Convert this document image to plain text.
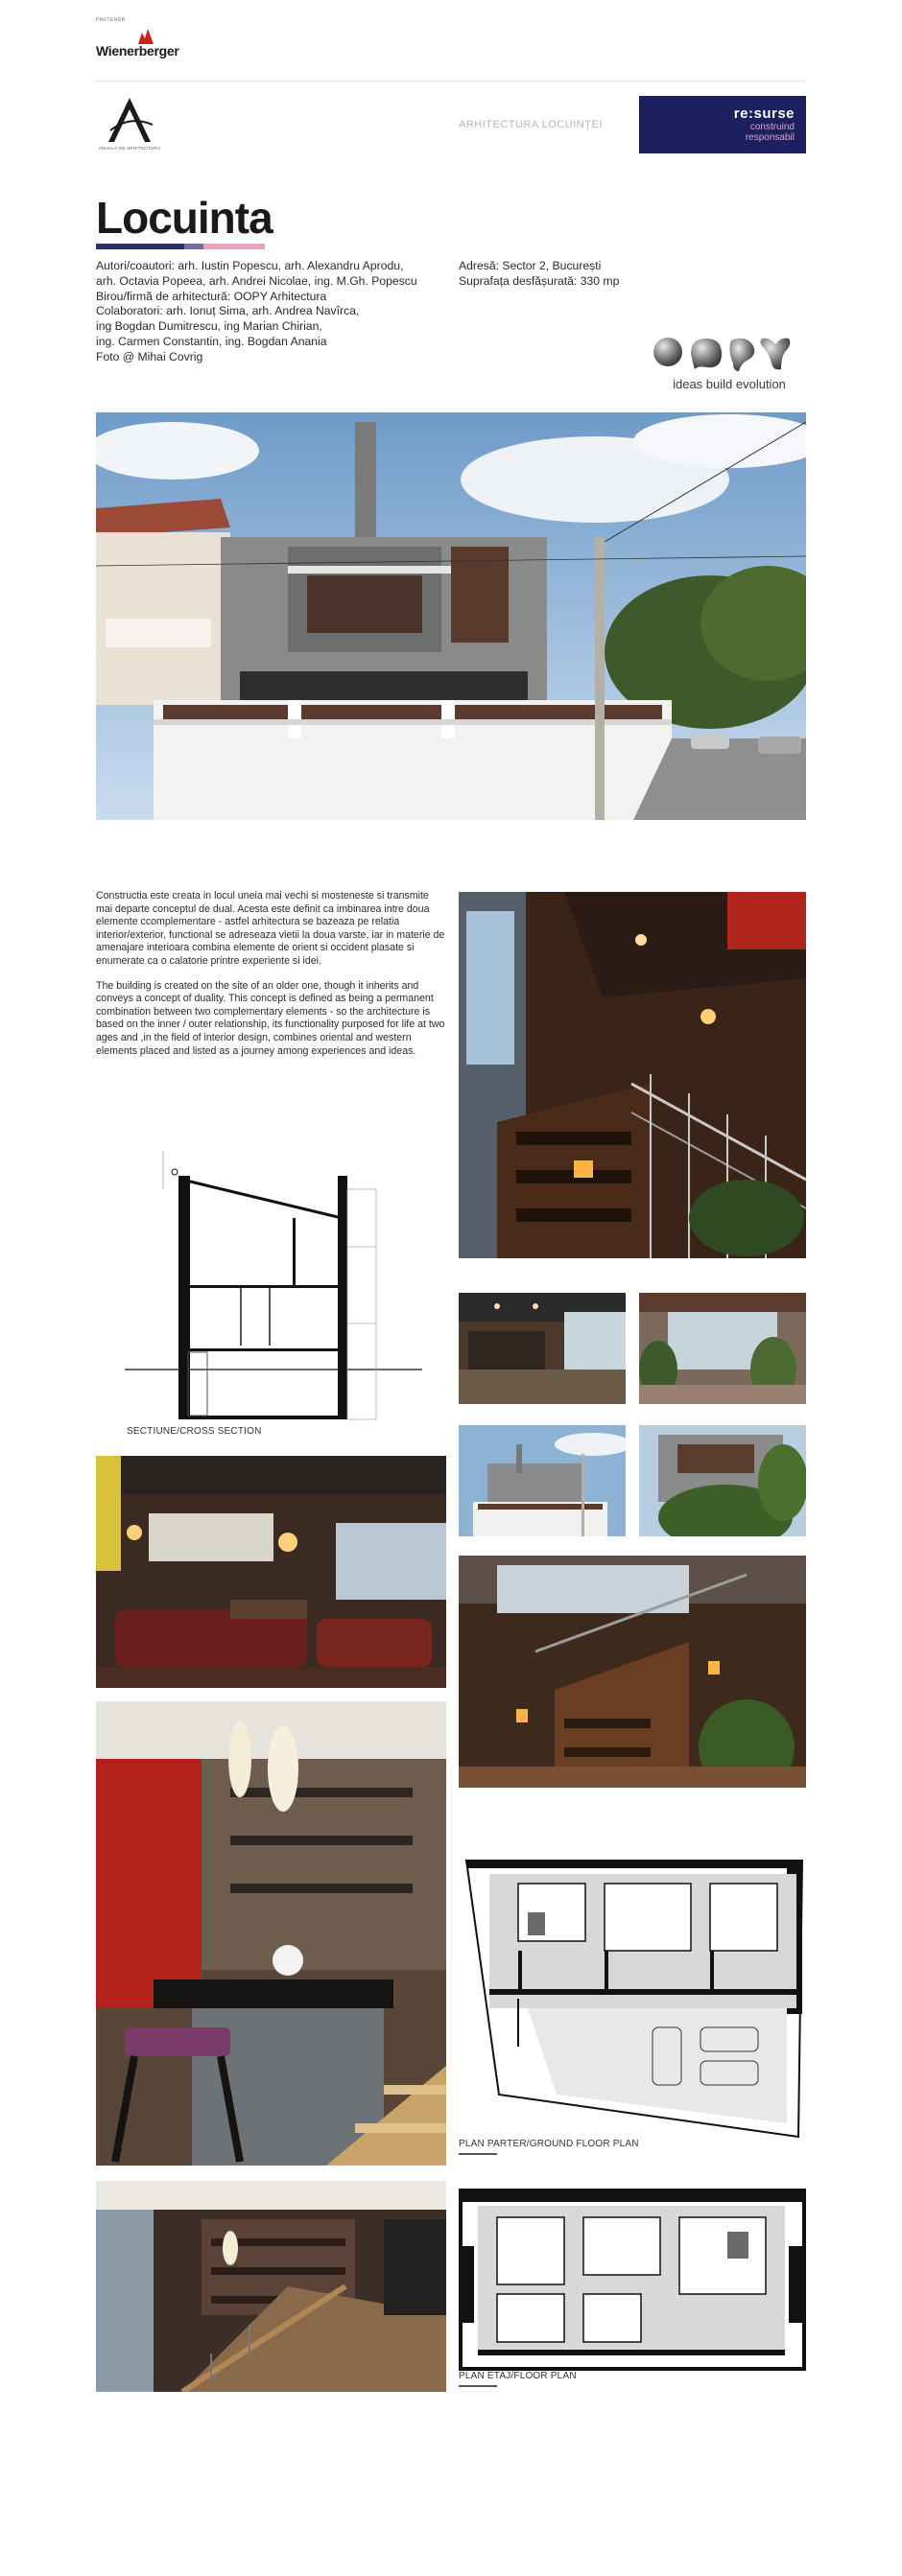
PARTENER
Wienerberger
ANUALA DE ARHITECTURA
ARHITECTURA LOCUINȚEI
re:surse
construind
responsabil
Locuinta
Autori/coautori: arh. Iustin Popescu, arh. Alexandru Aprodu,
arh. Octavia Popeea, arh. Andrei Nicolae, ing. M.Gh. Popescu
Birou/firmă de arhitectură: OOPY Arhitectura
Colaboratori: arh. Ionuț Sima, arh. Andrea Navîrca,
ing Bogdan Dumitrescu, ing Marian Chirian,
ing. Carmen Constantin, ing. Bogdan Anania
Foto @ Mihai Covrig
Adresă: Sector 2, București
Suprafața desfășurată: 330 mp
ideas build evolution

Constructia este creata in locul uneia mai vechi si mosteneste si transmite mai departe conceptul de dual. Acesta este definit ca imbinarea intre doua elemente ccomplementare - astfel arhitectura se bazeaza pe relatia interior/exterior, functional se adreseaza vietii la doua varste, iar in materie de amenajare interioara combina elemente de orient si occident plasate si enumerate ca o calatorie printre experiente si idei.

The building is created on the site of an older one, though it inherits and conveys a concept of duality. This concept is defined as being a permanent combination between two complementary elements - so the architecture is based on the inner / outer relationship, its functionality purposed for life at two ages and ,in the field of interior design, combines oriental and western elements placed and listed as a journey among experiences and ideas.

SECTIUNE/CROSS SECTION
PLAN PARTER/GROUND FLOOR PLAN
PLAN ETAJ/FLOOR PLAN
